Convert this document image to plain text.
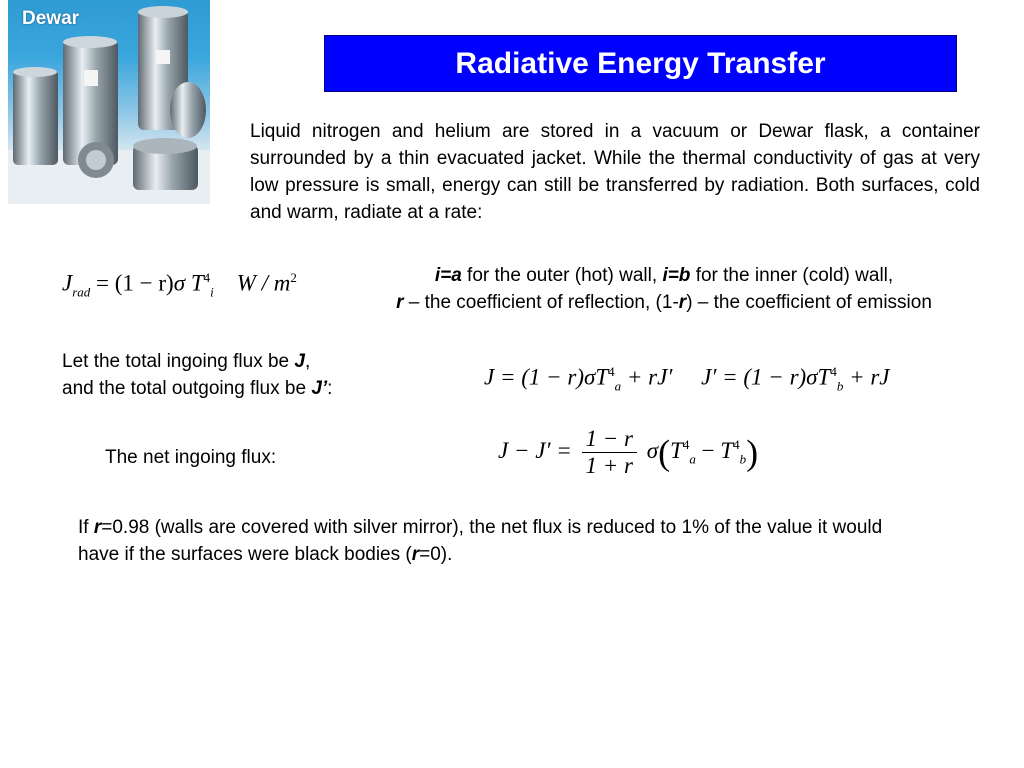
Dewar
Radiative Energy Transfer
Liquid nitrogen and helium are stored in a vacuum or Dewar flask, a container surrounded by a thin evacuated jacket. While the thermal conductivity of gas at very low pressure is small, energy can still be transferred by radiation. Both surfaces, cold and warm, radiate at a rate:
$J_{rad} = (1 - r)\sigma$ $T^4_i$ W / $m^2$	i=a for the outer (hot) wall, i=b for the inner (cold) wall,
r – the coefficient of reflection, (1-r) – the coefficient of emission
Let the total ingoing flux be J,
and the total outgoing flux be J’:	$J = (1 - r)\sigma T^4_a + rJ'$ $J' = (1 - r)\sigma T^4_b$ + rJ
The net ingoing flux:	$J - J' = \frac{1 - r}{1 + r} \sigma(T^4_a - T^4_b)$
If r=0.98 (walls are covered with silver mirror), the net flux is reduced to 1% of the value it would have if the surfaces were black bodies (r=0).
